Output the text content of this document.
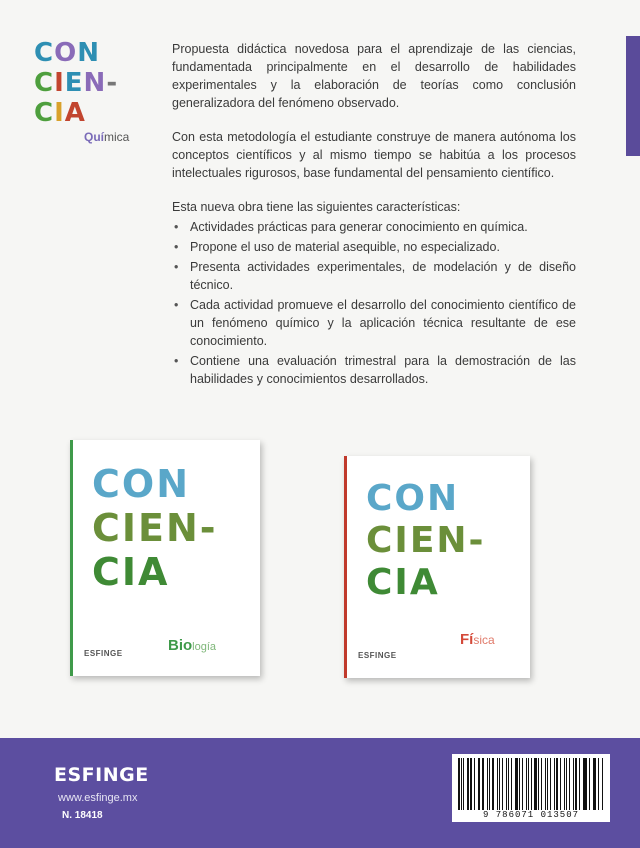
C O N
C I E N -
C I A
Química

Propuesta didáctica novedosa para el aprendizaje de las ciencias, fundamentada principalmente en el desarrollo de habilidades experimentales y la elaboración de teorías como conclusión generalizadora del fenómeno observado.

Con esta metodología el estudiante construye de manera autónoma los conceptos científicos y al mismo tiempo se habitúa a los procesos intelectuales rigurosos, base fundamental del pensamiento científico.

Esta nueva obra tiene las siguientes características:

• Actividades prácticas para generar conocimiento en química.
• Propone el uso de material asequible, no especializado.
• Presenta actividades experimentales, de modelación y de diseño técnico.
• Cada actividad promueve el desarrollo del conocimiento científico de un fenómeno químico y la aplicación técnica resultante de ese conocimiento.
• Contiene una evaluación trimestral para la demostración de las habilidades y conocimientos desarrollados.
CON
CIEN-
CIA
Biología
ESFINGE
CON
CIEN-
CIA
Física
ESFINGE
ESFINGE
www.esfinge.mx
N. 18418	9 786071 013507
